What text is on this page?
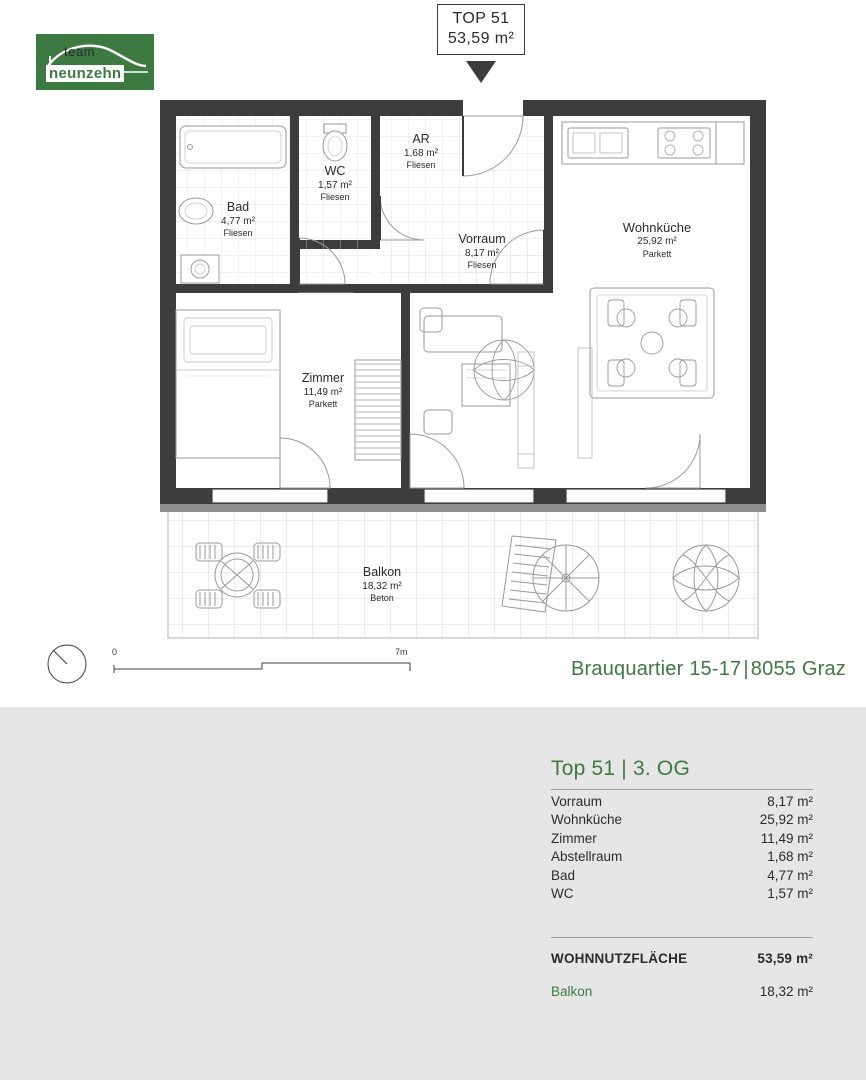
team
neunzehn
TOP 51
53,59 m²
Bad
4,77 m²
Fliesen
WC
1,57 m²
Fliesen
AR
1,68 m²
Fliesen
Vorraum
8,17 m²
Fliesen
Wohnküche
25,92 m²
Parkett
Zimmer
11,49 m²
Parkett
Balkon
18,32 m²
Beton
0	7m
Brauquartier 15-17 | 8055 Graz
Top 51 | 3. OG
Vorraum	8,17 m²
Wohnküche	25,92 m²
Zimmer	11,49 m²
Abstellraum	1,68 m²
Bad	4,77 m²
WC	1,57 m²
WOHNNUTZFLÄCHE	53,59 m²
Balkon	18,32 m²
